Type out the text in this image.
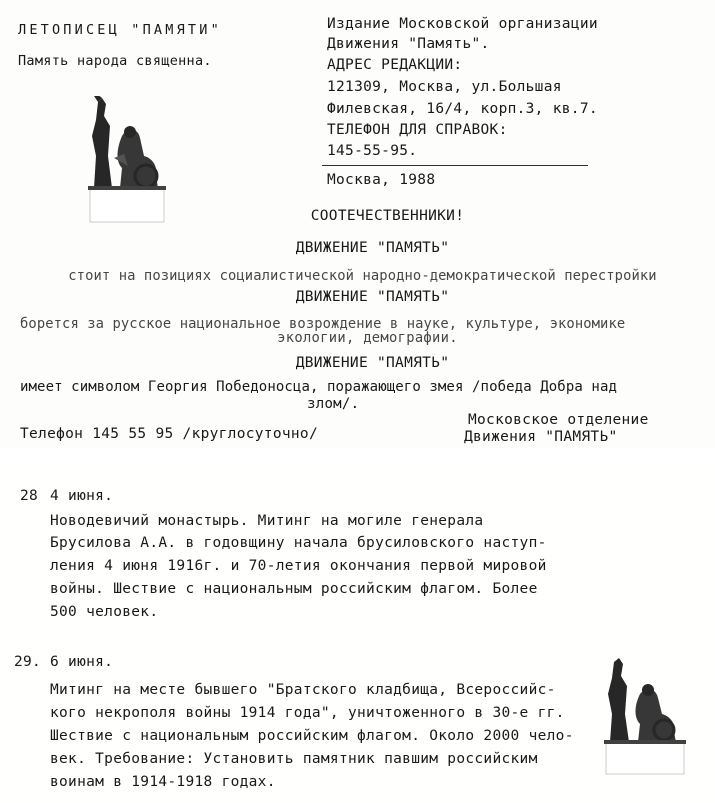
ЛЕТОПИСЕЦ "ПАМЯТИ"
Память народа священна.
Издание Московской организации
Движения "Память".
АДРЕС РЕДАКЦИИ:
121309, Москва, ул.Большая
Филевская, 16/4, корп.3, кв.7.
ТЕЛЕФОН ДЛЯ СПРАВОК:
145-55-95.
Москва, 1988
СООТЕЧЕСТВЕННИКИ!
ДВИЖЕНИЕ "ПАМЯТЬ"
стоит на позициях социалистической народно-демократической перестройки
ДВИЖЕНИЕ "ПАМЯТЬ"
борется за русское национальное возрождение в науке, культуре, экономике
экологии, демографии.
ДВИЖЕНИЕ "ПАМЯТЬ"
имеет символом Георгия Победоносца, поражающего змея /победа Добра над
злом/.
Телефон 145 55 95 /круглосуточно/
Московское отделение
Движения "ПАМЯТЬ"
28 4 июня.
Новодевичий монастырь. Митинг на могиле генерала
Брусилова А.А. в годовщину начала брусиловского наступ-
ления 4 июня 1916г. и 70-летия окончания первой мировой
войны. Шествие с национальным российским флагом. Более
500 человек.
29. 6 июня.
Митинг на месте бывшего "Братского кладбища, Всероссийс-
кого некрополя войны 1914 года", уничтоженного в 30-е гг.
Шествие с национальным российским флагом. Около 2000 чело-
век. Требование: Установить памятник павшим российским
воинам в 1914-1918 годах.
